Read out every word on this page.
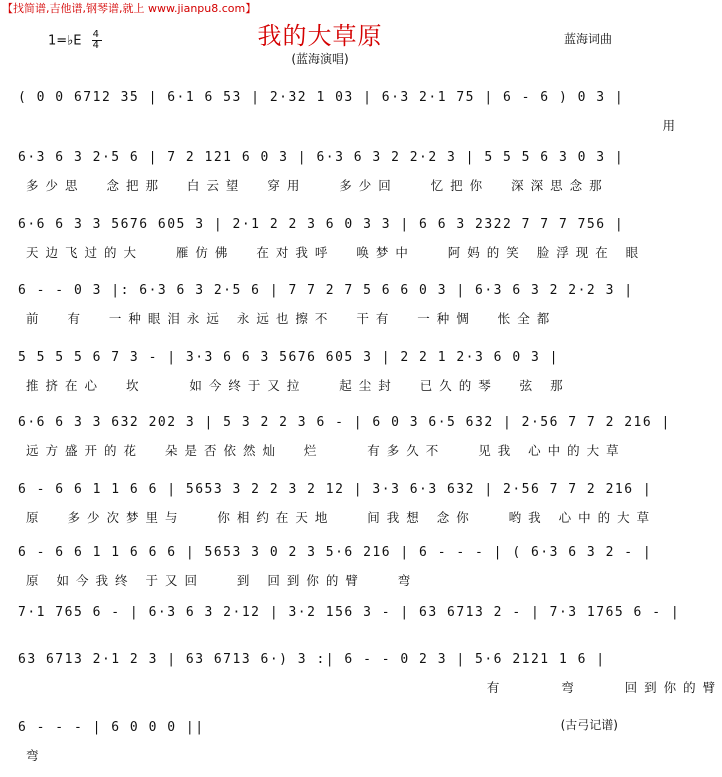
【找简谱,吉他谱,钢琴谱,就上 www.jianpu8.com】
1=♭E $\frac{4}{4}$	我的大草原
(蓝海演唱)
蓝海词曲
( 0 0 6712 35 | 6·1 6 53 | 2·32 1 03 | 6·3 2·1 75 | 6 - 6 ) 0 3 |
用
6·3 6 3 2·5 6 | 7 2 121 6 0 3 | 6·3 6 3 2 2·2 3 | 5 5 5 6 3 0 3 |
多少思  念把那  白云望  穿用   多少回   忆把你  深深思念那
6·6 6 3 3 5676 605 3 | 2·1 2 2 3 6 0 3 3 | 6 6 3 2322 7 7 7 756 |
天边飞过的大   雁仿佛  在对我呼  唤梦中   阿妈的笑 脸浮现在 眼
6 - - 0 3 |: 6·3 6 3 2·5 6 | 7 7 2 7 5 6 6 0 3 | 6·3 6 3 2 2·2 3 |
前  有  一种眼泪永远 永远也擦不  干有  一种惆  怅全都
5 5 5 5 6 7 3 - | 3·3 6 6 3 5676 605 3 | 2 2 1 2·3 6 0 3 |
推挤在心  坎    如今终于又拉   起尘封  已久的琴  弦 那
6·6 6 3 3 632 202 3 | 5 3 2 2 3 6 - | 6 0 3 6·5 632 | 2·56 7 7 2 216 |
远方盛开的花  朵是否依然灿  烂    有多久不   见我 心中的大草
6 - 6 6 1 1 6 6 | 5653 3 2 2 3 2 12 | 3·3 6·3 632 | 2·56 7 7 2 216 |
原  多少次梦里与   你相约在天地   间我想 念你   哟我 心中的大草
6 - 6 6 1 1 6 6 6 | 5653 3 0 2 3 5·6 216 | 6 - - - | ( 6·3 6 3 2 - |
原 如今我终 于又回   到 回到你的臂   弯
7·1 765 6 - | 6·3 6 3 2·12 | 3·2 156 3 - | 63 6713 2 - | 7·3 1765 6 - |
63 6713 2·1 2 3 | 63 6713 6·) 3 :| 6 - - 0 2 3 | 5·6 2121 1 6 |
有     弯    回到你的臂
6 - - - | 6 0 0 0 ||
弯
(古弓记谱)
